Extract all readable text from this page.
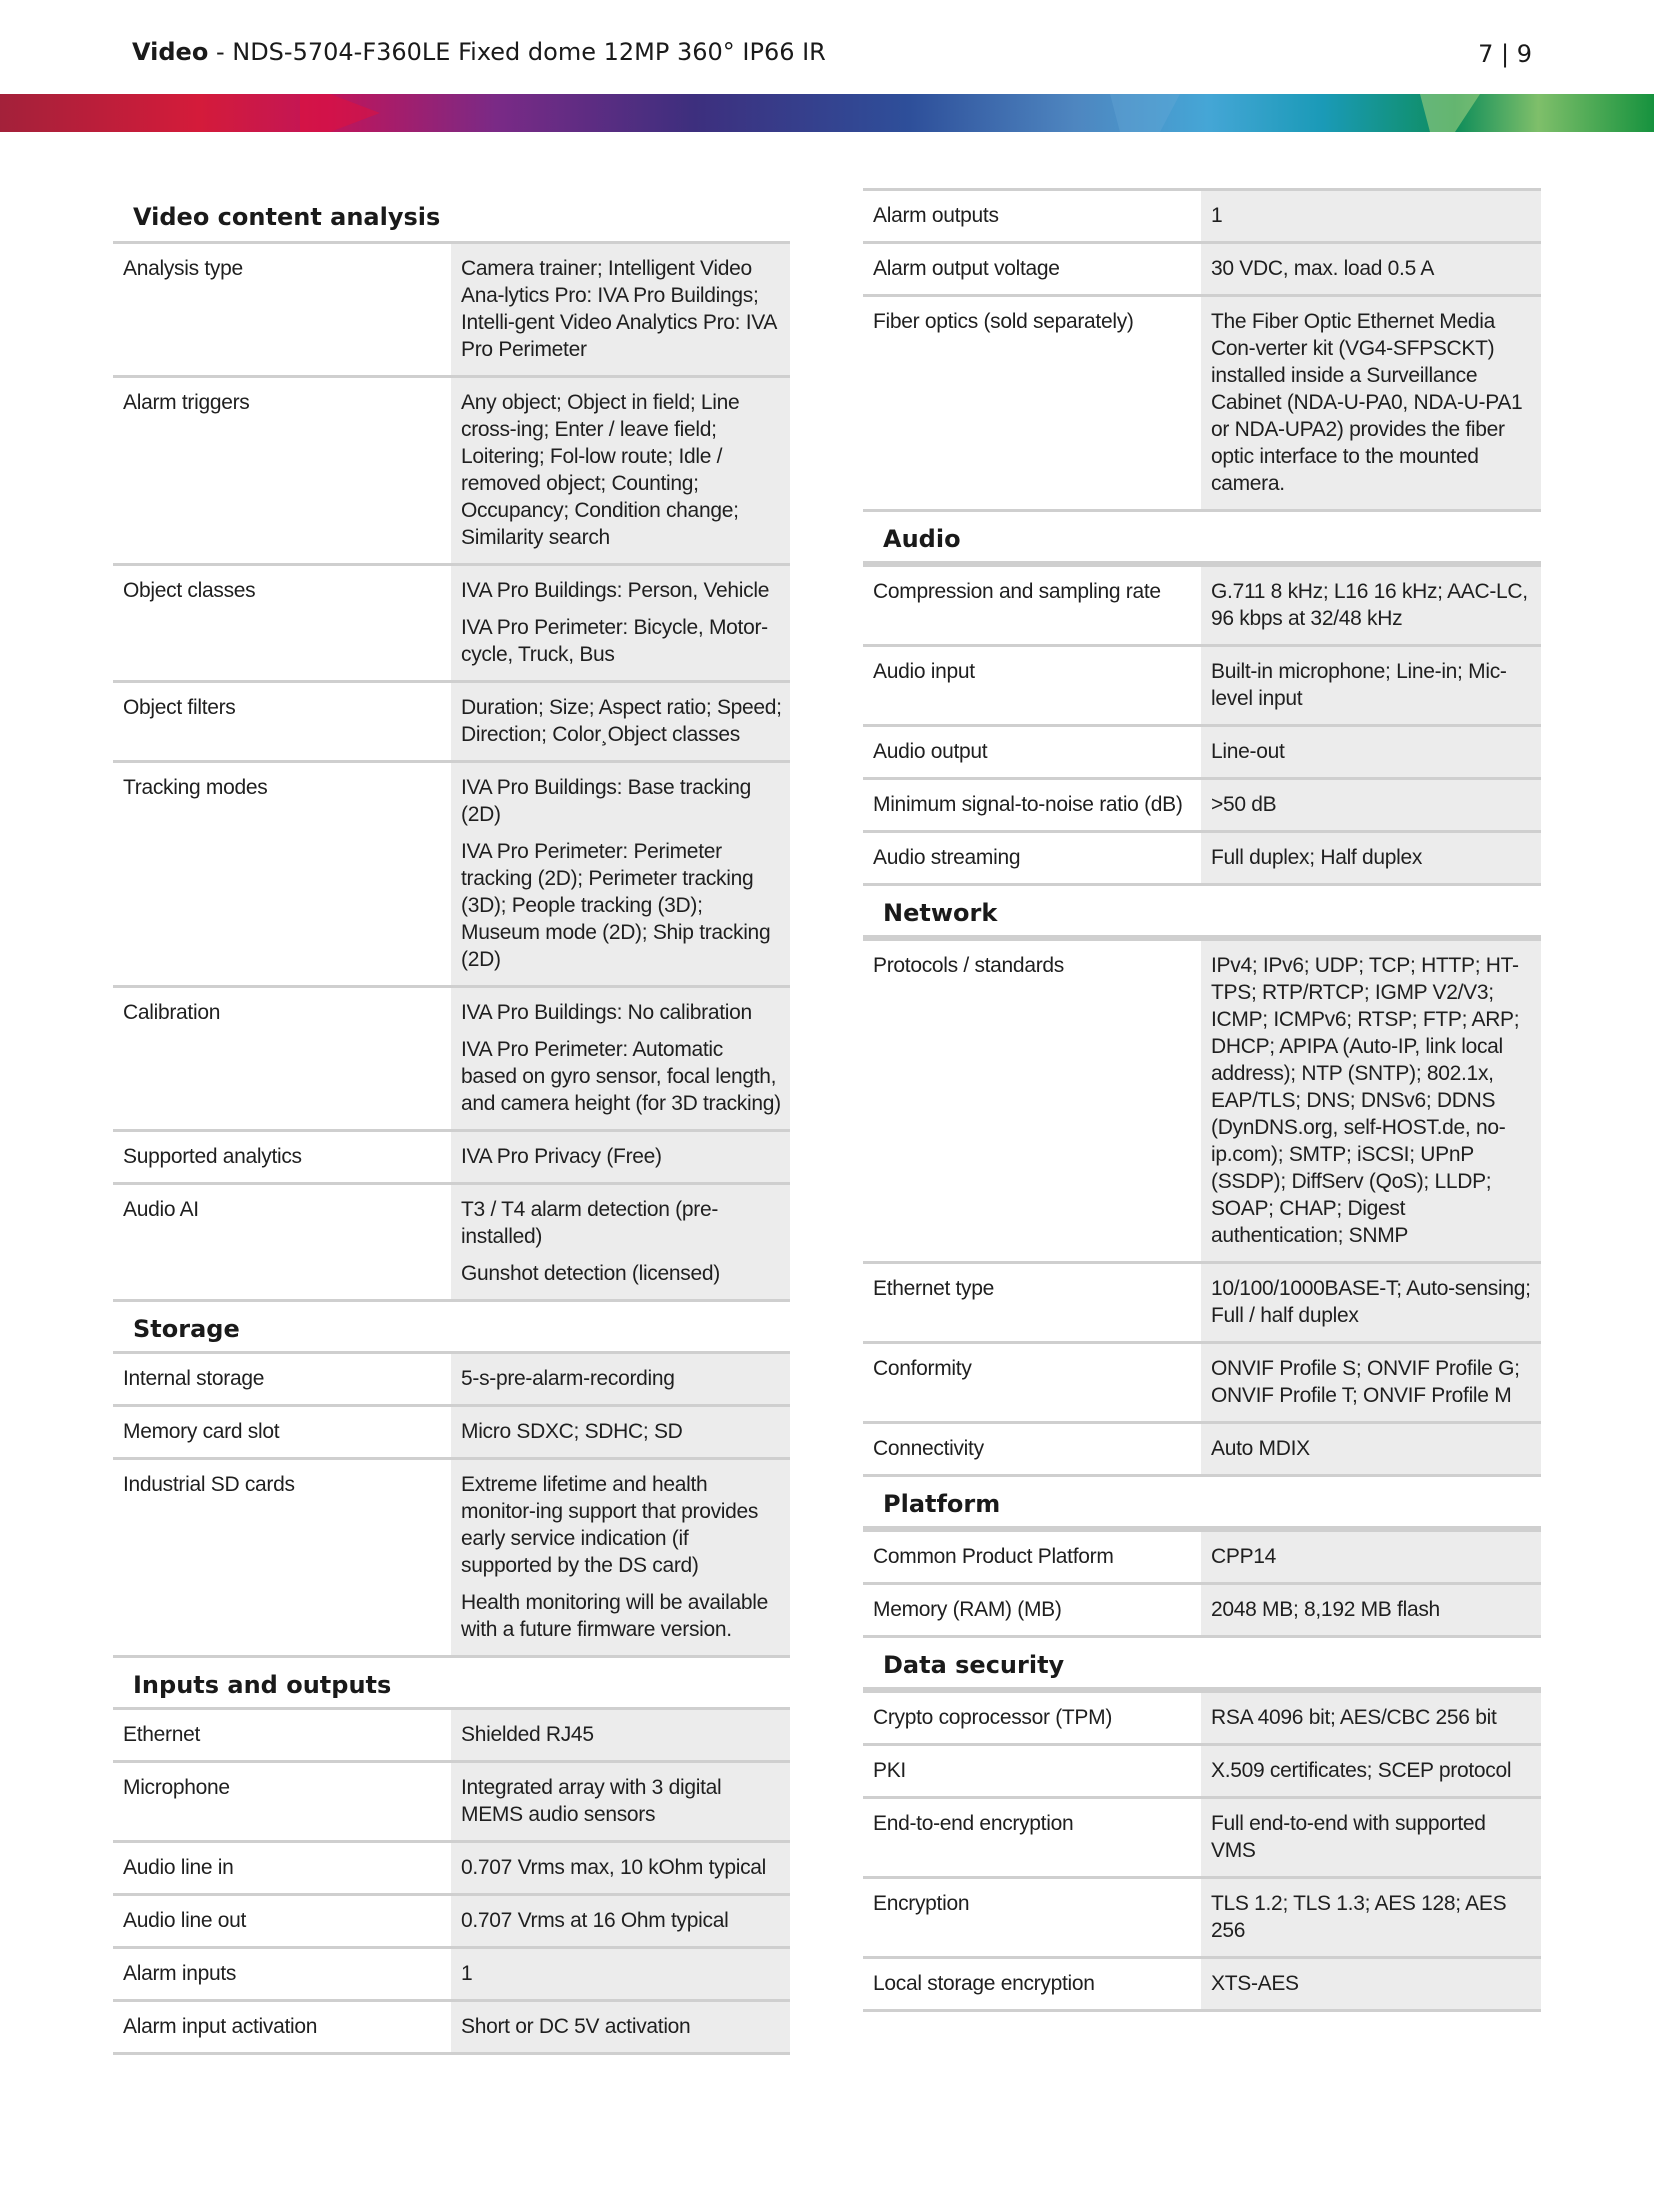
Video - NDS-5704-F360LE Fixed dome 12MP 360° IP66 IR	7 | 9
Video content analysis
Analysis type	Camera trainer; Intelligent Video Ana-lytics Pro: IVA Pro Buildings; Intelli-gent Video Analytics Pro: IVA Pro Perimeter

Alarm triggers	Any object; Object in field; Line cross-ing; Enter / leave field; Loitering; Fol-low route; Idle / removed object; Counting; Occupancy; Condition change; Similarity search

Object classes	IVA Pro Buildings: Person, Vehicle

IVA Pro Perimeter: Bicycle, Motor-cycle, Truck, Bus

Object filters	Duration; Size; Aspect ratio; Speed; Direction; Color¸Object classes

Tracking modes	IVA Pro Buildings: Base tracking (2D)

IVA Pro Perimeter: Perimeter tracking (2D); Perimeter tracking (3D); People tracking (3D); Museum mode (2D); Ship tracking (2D)

Calibration	IVA Pro Buildings: No calibration

IVA Pro Perimeter: Automatic based on gyro sensor, focal length, and camera height (for 3D tracking)

Supported analytics	IVA Pro Privacy (Free)

Audio AI	T3 / T4 alarm detection (pre-installed)

Gunshot detection (licensed)

Storage
Internal storage	5-s-pre-alarm-recording

Memory card slot	Micro SDXC; SDHC; SD

Industrial SD cards	Extreme lifetime and health monitor-ing support that provides early service indication (if supported by the DS card)

Health monitoring will be available with a future firmware version.

Inputs and outputs
Ethernet	Shielded RJ45

Microphone	Integrated array with 3 digital MEMS audio sensors

Audio line in	0.707 Vrms max, 10 kOhm typical

Audio line out	0.707 Vrms at 16 Ohm typical

Alarm inputs	1

Alarm input activation	Short or DC 5V activation

Alarm outputs	1

Alarm output voltage	30 VDC, max. load 0.5 A

Fiber optics (sold separately)	The Fiber Optic Ethernet Media Con-verter kit (VG4-SFPSCKT) installed inside a Surveillance Cabinet (NDA-U-PA0, NDA-U-PA1 or NDA-UPA2) provides the fiber optic interface to the mounted camera.

Audio
Compression and sampling rate	G.711 8 kHz; L16 16 kHz; AAC-LC, 96 kbps at 32/48 kHz

Audio input	Built-in microphone; Line-in; Mic-level input

Audio output	Line-out

Minimum signal-to-noise ratio (dB)	>50 dB

Audio streaming	Full duplex; Half duplex

Network
Protocols / standards	IPv4; IPv6; UDP; TCP; HTTP; HT-TPS; RTP/RTCP; IGMP V2/V3; ICMP; ICMPv6; RTSP; FTP; ARP; DHCP; APIPA (Auto-IP, link local address); NTP (SNTP); 802.1x, EAP/TLS; DNS; DNSv6; DDNS (DynDNS.org, self-HOST.de, no-ip.com); SMTP; iSCSI; UPnP (SSDP); DiffServ (QoS); LLDP; SOAP; CHAP; Digest authentication; SNMP

Ethernet type	10/100/1000BASE-T; Auto-sensing; Full / half duplex

Conformity	ONVIF Profile S; ONVIF Profile G; ONVIF Profile T; ONVIF Profile M

Connectivity	Auto MDIX

Platform
Common Product Platform	CPP14

Memory (RAM) (MB)	2048 MB; 8,192 MB flash

Data security
Crypto coprocessor (TPM)	RSA 4096 bit; AES/CBC 256 bit

PKI	X.509 certificates; SCEP protocol

End-to-end encryption	Full end-to-end with supported VMS

Encryption	TLS 1.2; TLS 1.3; AES 128; AES 256

Local storage encryption	XTS-AES
